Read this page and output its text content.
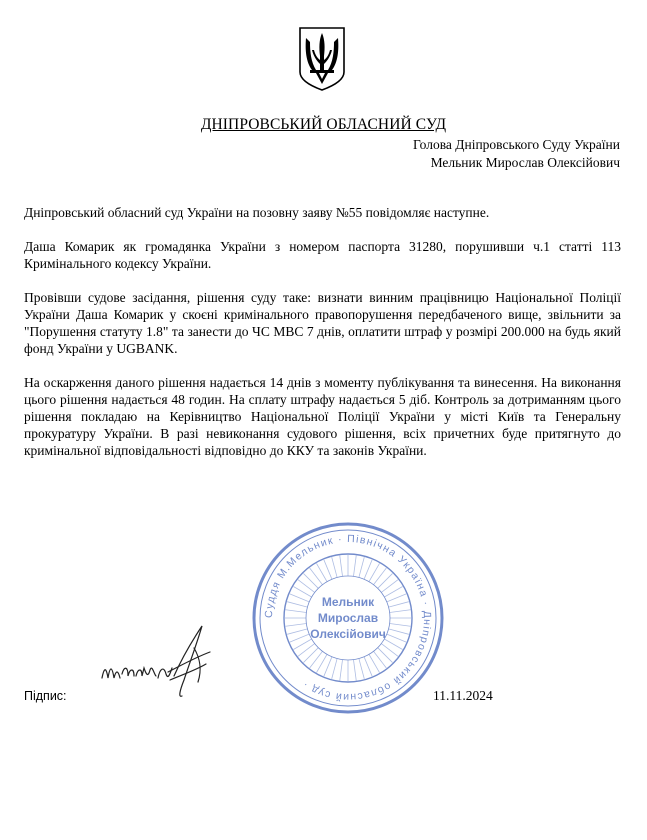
ДНІПРОВСЬКИЙ ОБЛАСНИЙ СУД
Голова Дніпровського Суду України
Мельник Мирослав Олексійович

Дніпровський обласний суд України на позовну заяву №55 повідомляє наступне.

Даша Комарик як громадянка України з номером паспорта 31280, порушивши ч.1 статті 113 Кримінального кодексу України.

Провівши судове засідання, рішення суду таке: визнати винним працівницю Національної Поліції України Даша Комарик у скоєні кримінального правопорушення передбаченого вище, звільнити за "Порушення статуту 1.8" та занести до ЧС МВС 7 днів, оплатити штраф у розмірі 200.000 на будь який фонд України у UGBANK.

На оскарження даного рішення надається 14 днів з моменту публікування та винесення. На виконання цього рішення надається 48 годин. На сплату штрафу надається 5 діб. Контроль за дотриманням цього рішення покладаю на Керівництво Національної Поліції України у місті Київ та Генеральну прокуратуру України. В разі невиконання судового рішення, всіх причетних буде притягнуто до кримінальної відповідальності відповідно до ККУ та законів України.

Суддя М.Мельник · Північна Україна · Дніпровський обласний суд ·
Мельник
Мирослав
Олексійович
Підпис:	11.11.2024
